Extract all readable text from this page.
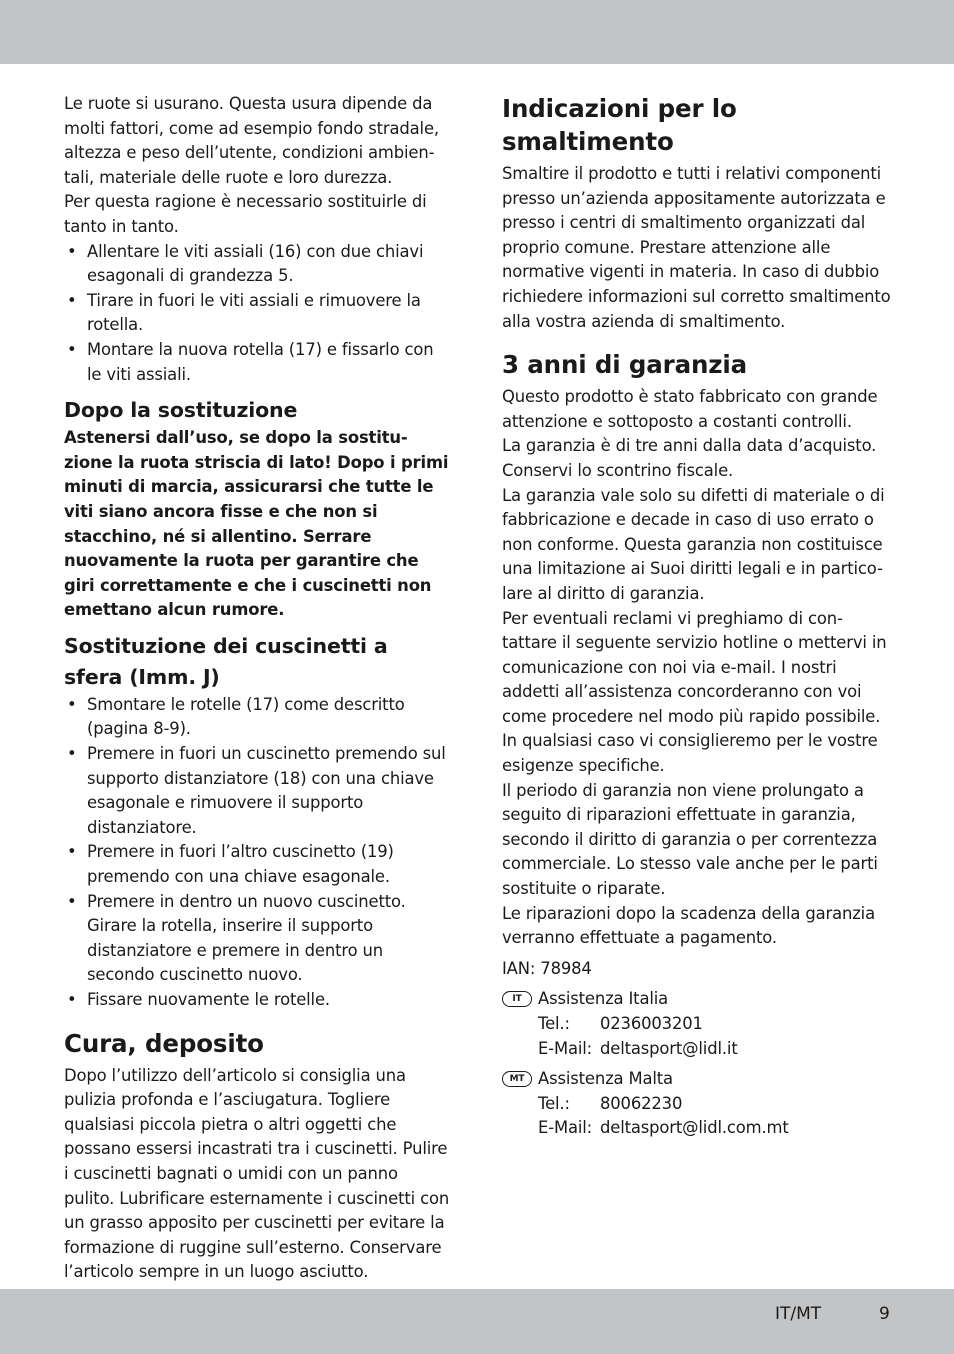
Le ruote si usurano. Questa usura dipende da molti fattori, come ad esempio fondo stradale, altezza e peso dell’utente, condizioni ambien-tali, materiale delle ruote e loro durezza.

Per questa ragione è necessario sostituirle di tanto in tanto.

• Allentare le viti assiali (16) con due chiavi esagonali di grandezza 5.
• Tirare in fuori le viti assiali e rimuovere la rotella.
• Montare la nuova rotella (17) e fissarlo con le viti assiali.
Dopo la sostituzione

Astenersi dall’uso, se dopo la sostitu-zione la ruota striscia di lato! Dopo i primi minuti di marcia, assicurarsi che tutte le viti siano ancora fisse e che non si stacchino, né si allentino. Serrare nuovamente la ruota per garantire che giri correttamente e che i cuscinetti non emettano alcun rumore.

Sostituzione dei cuscinetti a sfera (Imm. J)
• Smontare le rotelle (17) come descritto (pagina 8-9).
• Premere in fuori un cuscinetto premendo sul supporto distanziatore (18) con una chiave esagonale e rimuovere il supporto distanziatore.
• Premere in fuori l’altro cuscinetto (19) premendo con una chiave esagonale.
• Premere in dentro un nuovo cuscinetto. Girare la rotella, inserire il supporto distanziatore e premere in dentro un secondo cuscinetto nuovo.
• Fissare nuovamente le rotelle.
Cura, deposito

Dopo l’utilizzo dell’articolo si consiglia una pulizia profonda e l’asciugatura. Togliere qualsiasi piccola pietra o altri oggetti che possano essersi incastrati tra i cuscinetti. Pulire i cuscinetti bagnati o umidi con un panno pulito. Lubrificare esternamente i cuscinetti con un grasso apposito per cuscinetti per evitare la formazione di ruggine sull’esterno. Conservare l’articolo sempre in un luogo asciutto.

Indicazioni per lo smaltimento

Smaltire il prodotto e tutti i relativi componenti presso un’azienda appositamente autorizzata e presso i centri di smaltimento organizzati dal proprio comune. Prestare attenzione alle normative vigenti in materia. In caso di dubbio richiedere informazioni sul corretto smaltimento alla vostra azienda di smaltimento.

3 anni di garanzia

Questo prodotto è stato fabbricato con grande attenzione e sottoposto a costanti controlli.

La garanzia è di tre anni dalla data d’acquisto. Conservi lo scontrino fiscale.

La garanzia vale solo su difetti di materiale o di fabbricazione e decade in caso di uso errato o non conforme. Questa garanzia non costituisce una limitazione ai Suoi diritti legali e in partico-lare al diritto di garanzia.

Per eventuali reclami vi preghiamo di con-tattare il seguente servizio hotline o mettervi in comunicazione con noi via e-mail. I nostri addetti all’assistenza concorderanno con voi come procedere nel modo più rapido possibile. In qualsiasi caso vi consiglieremo per le vostre esigenze specifiche.

Il periodo di garanzia non viene prolungato a seguito di riparazioni effettuate in garanzia, secondo il diritto di garanzia o per correntezza commerciale. Lo stesso vale anche per le parti sostituite o riparate.

Le riparazioni dopo la scadenza della garanzia verranno effettuate a pagamento.

IAN: 78984

IT	Assistenza Italia
Tel.:	0236003201
E-Mail: deltasport@lidl.it
MT Assistenza Malta
Tel.:	80062230
E-Mail: deltasport@lidl.com.mt
IT/MT	9
